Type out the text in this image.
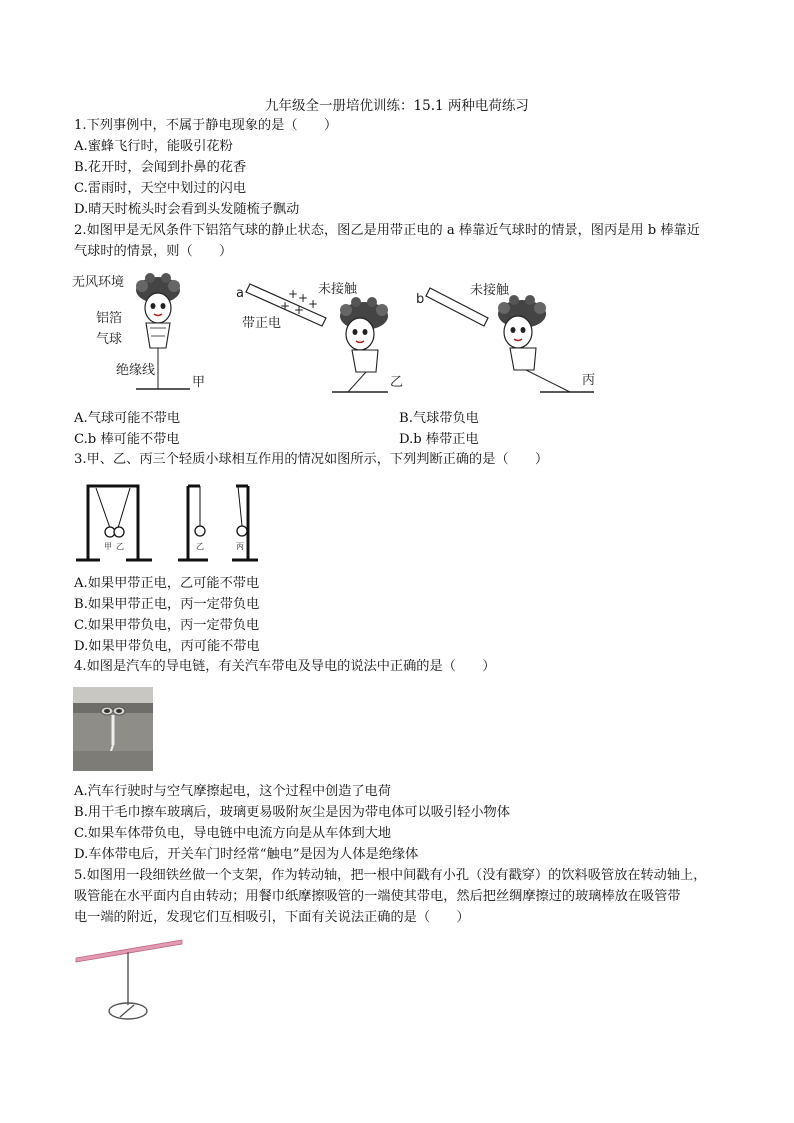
九年级全一册培优训练：15.1 两种电荷练习
1.下列事例中，不属于静电现象的是（　　）
A.蜜蜂飞行时，能吸引花粉
B.花开时，会闻到扑鼻的花香
C.雷雨时，天空中划过的闪电
D.晴天时梳头时会看到头发随梳子飘动
2.如图甲是无风条件下铝箔气球的静止状态，图乙是用带正电的 a 棒靠近气球时的情景，图丙是用 b 棒靠近
气球时的情景，则（　　）
无风环境
铝箔
气球
绝缘线
甲
a	+ + +
+ +
带正电
未接触
乙
b
未接触
丙
A.气球可能不带电	B.气球带负电
C.b 棒可能不带电	D.b 棒带正电
3.甲、乙、丙三个轻质小球相互作用的情况如图所示，下列判断正确的是（　　）
甲 乙	乙	丙
A.如果甲带正电，乙可能不带电
B.如果甲带正电，丙一定带负电
C.如果甲带负电，丙一定带负电
D.如果甲带负电，丙可能不带电
4.如图是汽车的导电链，有关汽车带电及导电的说法中正确的是（　　）
A.汽车行驶时与空气摩擦起电，这个过程中创造了电荷
B.用干毛巾擦车玻璃后，玻璃更易吸附灰尘是因为带电体可以吸引轻小物体
C.如果车体带负电，导电链中电流方向是从车体到大地
D.车体带电后，开关车门时经常“触电”是因为人体是绝缘体
5.如图用一段细铁丝做一个支架，作为转动轴，把一根中间戳有小孔（没有戳穿）的饮料吸管放在转动轴上，
吸管能在水平面内自由转动；用餐巾纸摩擦吸管的一端使其带电，然后把丝绸摩擦过的玻璃棒放在吸管带
电一端的附近，发现它们互相吸引，下面有关说法正确的是（　　）
